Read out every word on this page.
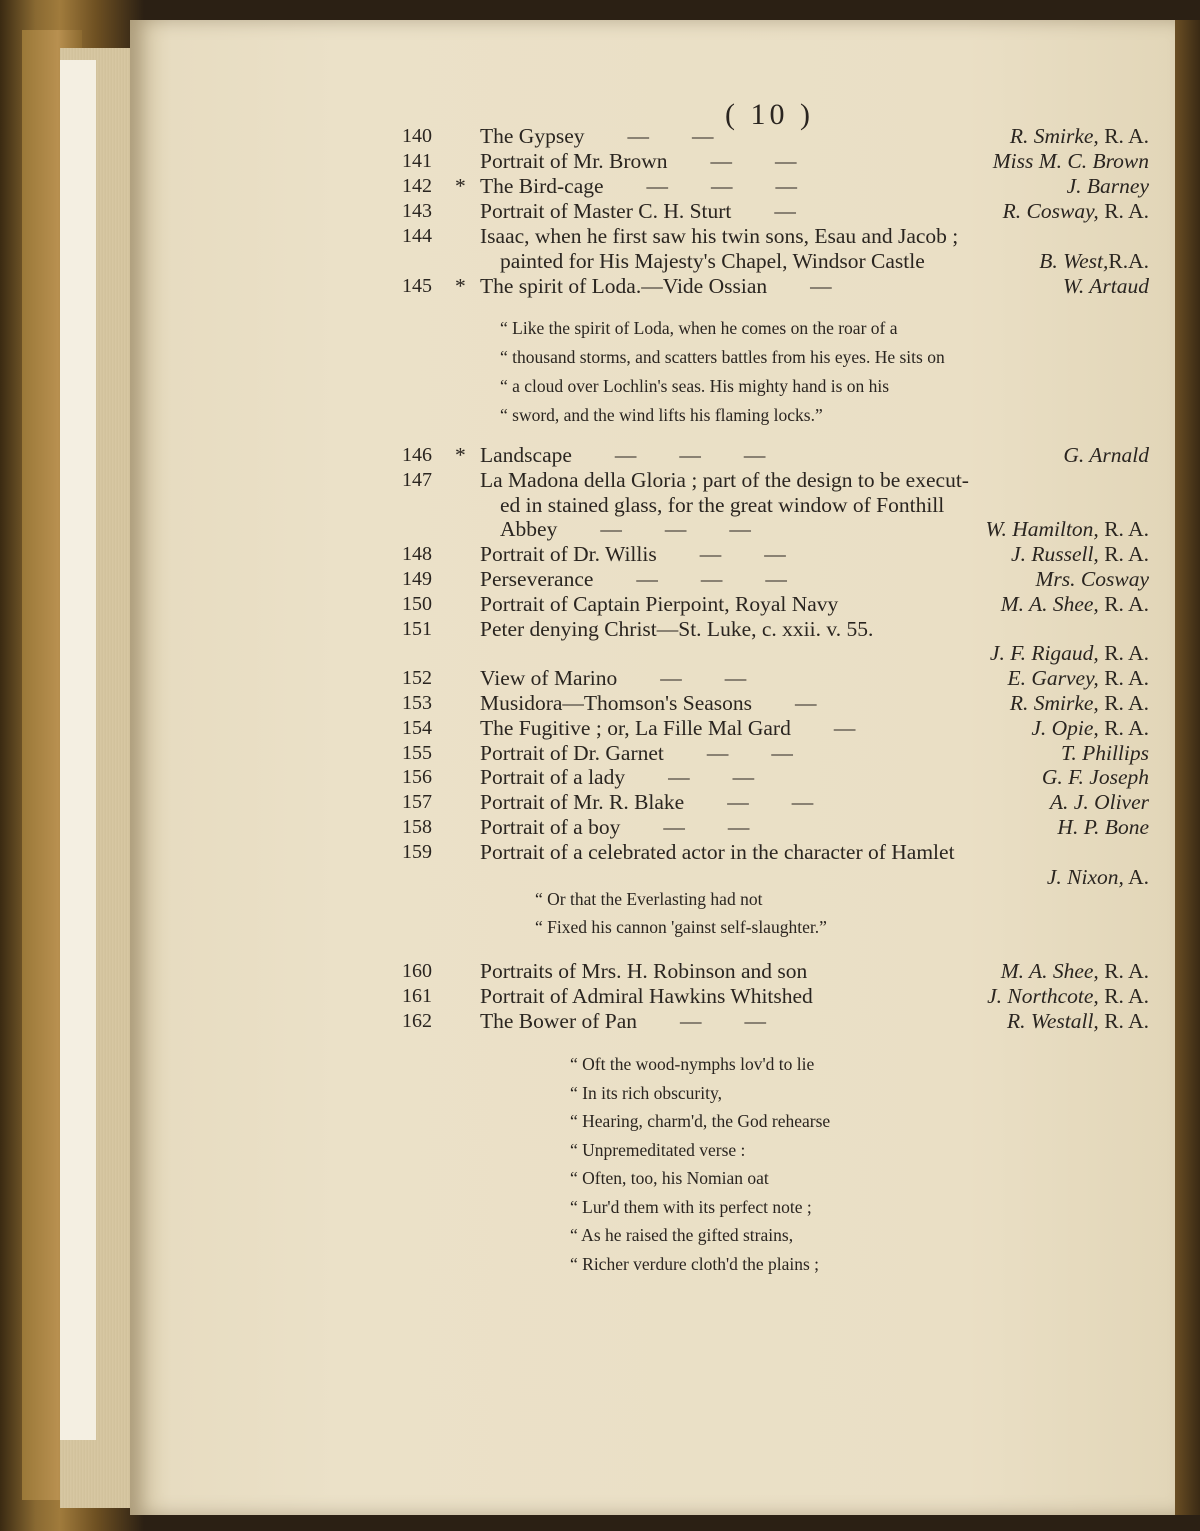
( 10 )
140 The Gypsey        —        —	R. Smirke, R. A.
141 Portrait of Mr. Brown        —        —	Miss M. C. Brown
142 * The Bird-cage        —        —        —	J. Barney
143 Portrait of Master C. H. Sturt        —	R. Cosway, R. A.
144 Isaac, when he first saw his twin sons, Esau and Jacob ;
painted for His Majesty's Chapel, Windsor Castle	B. West,R.A.
145 * The spirit of Loda.—Vide Ossian        —	W. Artaud
“ Like the spirit of Loda, when he comes on the roar of a
“ thousand storms, and scatters battles from his eyes. He sits on
“ a cloud over Lochlin's seas. His mighty hand is on his
“ sword, and the wind lifts his flaming locks.”
146 * Landscape        —        —        —	G. Arnald
147 La Madona della Gloria ; part of the design to be execut-
ed in stained glass, for the great window of Fonthill
Abbey        —        —        —	W. Hamilton, R. A.
148 Portrait of Dr. Willis        —        —	J. Russell, R. A.
149 Perseverance        —        —        —	Mrs. Cosway
150 Portrait of Captain Pierpoint, Royal Navy	M. A. Shee, R. A.
151 Peter denying Christ—St. Luke, c. xxii. v. 55.
J. F. Rigaud, R. A.
152 View of Marino        —        —	E. Garvey, R. A.
153 Musidora—Thomson's Seasons        —	R. Smirke, R. A.
154 The Fugitive ; or, La Fille Mal Gard        —	J. Opie, R. A.
155 Portrait of Dr. Garnet        —        —	T. Phillips
156 Portrait of a lady        —        —	G. F. Joseph
157 Portrait of Mr. R. Blake        —        —	A. J. Oliver
158 Portrait of a boy        —        —	H. P. Bone
159 Portrait of a celebrated actor in the character of Hamlet
J. Nixon, A.
“ Or that the Everlasting had not
“ Fixed his cannon 'gainst self-slaughter.”
160 Portraits of Mrs. H. Robinson and son	M. A. Shee, R. A.
161 Portrait of Admiral Hawkins Whitshed	J. Northcote, R. A.
162 The Bower of Pan        —        —	R. Westall, R. A.
“ Oft the wood-nymphs lov'd to lie
“ In its rich obscurity,
“ Hearing, charm'd, the God rehearse
“ Unpremeditated verse :
“ Often, too, his Nomian oat
“ Lur'd them with its perfect note ;
“ As he raised the gifted strains,
“ Richer verdure cloth'd the plains ;
